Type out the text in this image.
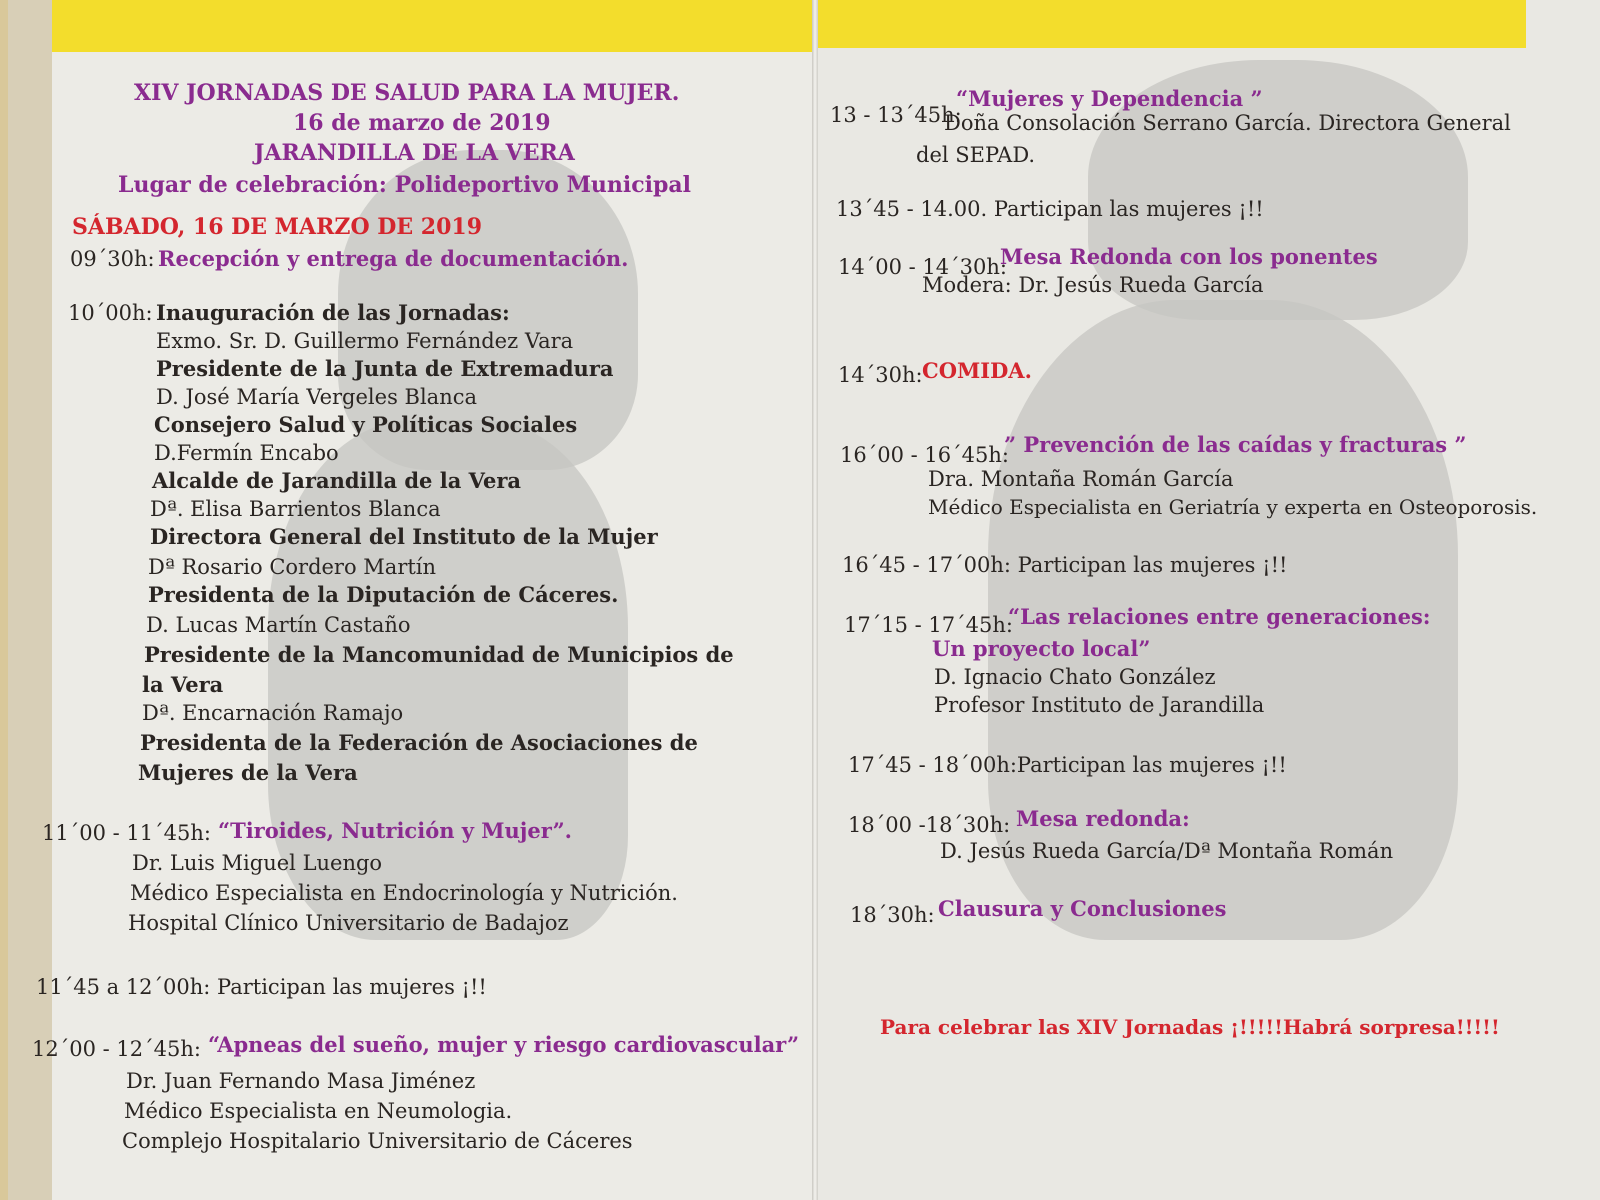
XIV JORNADAS DE SALUD PARA LA MUJER.
16 de marzo de 2019
JARANDILLA DE LA VERA
Lugar de celebración: Polideportivo Municipal
SÁBADO, 16 DE MARZO DE 2019
09´30h: Recepción y entrega de documentación.
10´00h: Inauguración de las Jornadas:
Exmo. Sr. D. Guillermo Fernández Vara
Presidente de la Junta de Extremadura
D. José María Vergeles Blanca
Consejero Salud y Políticas Sociales
D.Fermín Encabo
Alcalde de Jarandilla de la Vera
Dª. Elisa Barrientos Blanca
Directora General del Instituto de la Mujer
Dª Rosario Cordero Martín
Presidenta de la Diputación de Cáceres.
D. Lucas Martín Castaño
Presidente de la Mancomunidad de Municipios de
la Vera
Dª. Encarnación Ramajo
Presidenta de la Federación de Asociaciones de
Mujeres de la Vera
11´00 - 11´45h: “Tiroides, Nutrición y Mujer”.
Dr. Luis Miguel Luengo
Médico Especialista en Endocrinología y Nutrición.
Hospital Clínico Universitario de Badajoz
11´45 a 12´00h: Participan las mujeres ¡!!
12´00 - 12´45h: “Apneas del sueño, mujer y riesgo cardiovascular”
Dr. Juan Fernando Masa Jiménez
Médico Especialista en Neumologia.
Complejo Hospitalario Universitario de Cáceres
13 - 13´45h:
“Mujeres y Dependencia ”
Doña Consolación Serrano García. Directora General
del SEPAD.
13´45 - 14.00. Participan las mujeres ¡!!
14´00 - 14´30h:
Mesa Redonda con los ponentes
Modera: Dr. Jesús Rueda García
14´30h: COMIDA.
16´00 - 16´45h:
” Prevención de las caídas y fracturas ”
Dra. Montaña Román García
Médico Especialista en Geriatría y experta en Osteoporosis.
16´45 - 17´00h: Participan las mujeres ¡!!
17´15 - 17´45h:
“Las relaciones entre generaciones:
Un proyecto local”
D. Ignacio Chato González
Profesor Instituto de Jarandilla
17´45 - 18´00h:Participan las mujeres ¡!!
18´00 -18´30h: Mesa redonda:
D. Jesús Rueda García/Dª Montaña Román
18´30h: Clausura y Conclusiones
Para celebrar las XIV Jornadas ¡!!!!!Habrá sorpresa!!!!!
